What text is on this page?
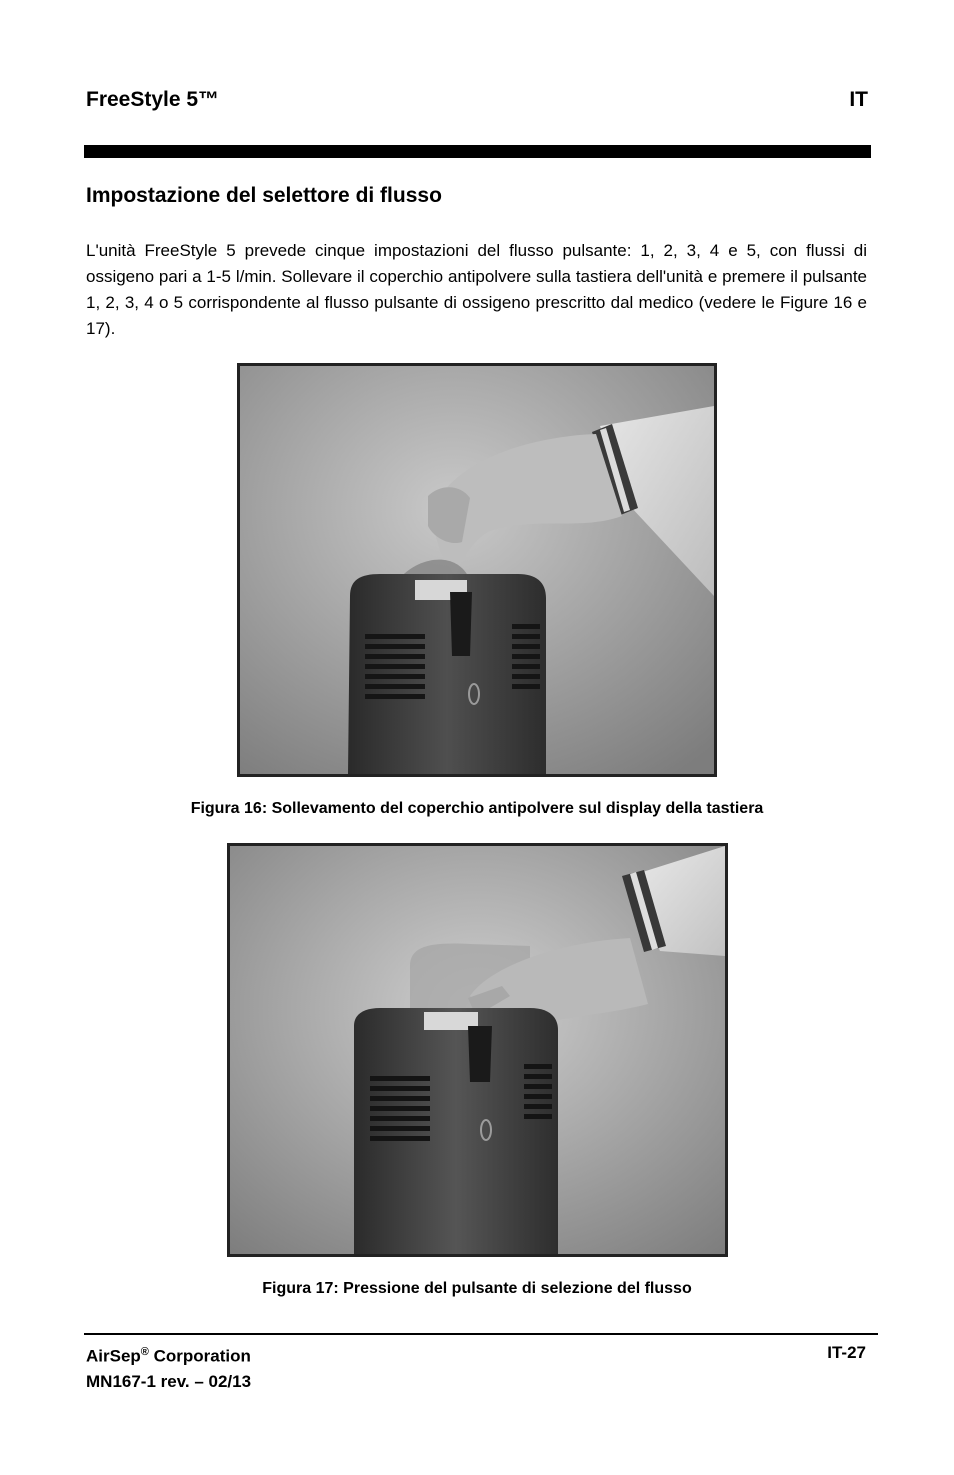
FreeStyle 5™	IT
Impostazione del selettore di flusso

L'unità FreeStyle 5 prevede cinque impostazioni del flusso pulsante: 1, 2, 3, 4 e 5, con flussi di ossigeno pari a 1-5 l/min. Sollevare il coperchio antipolvere sulla tastiera dell'unità e premere il pulsante 1, 2, 3, 4 o 5 corrispondente al flusso pulsante di ossigeno prescritto dal medico (vedere le Figure 16 e 17).

Figura 16: Sollevamento del coperchio antipolvere sul display della tastiera
Figura 17: Pressione del pulsante di selezione del flusso
AirSep® Corporation
MN167-1 rev. – 02/13
IT-27
